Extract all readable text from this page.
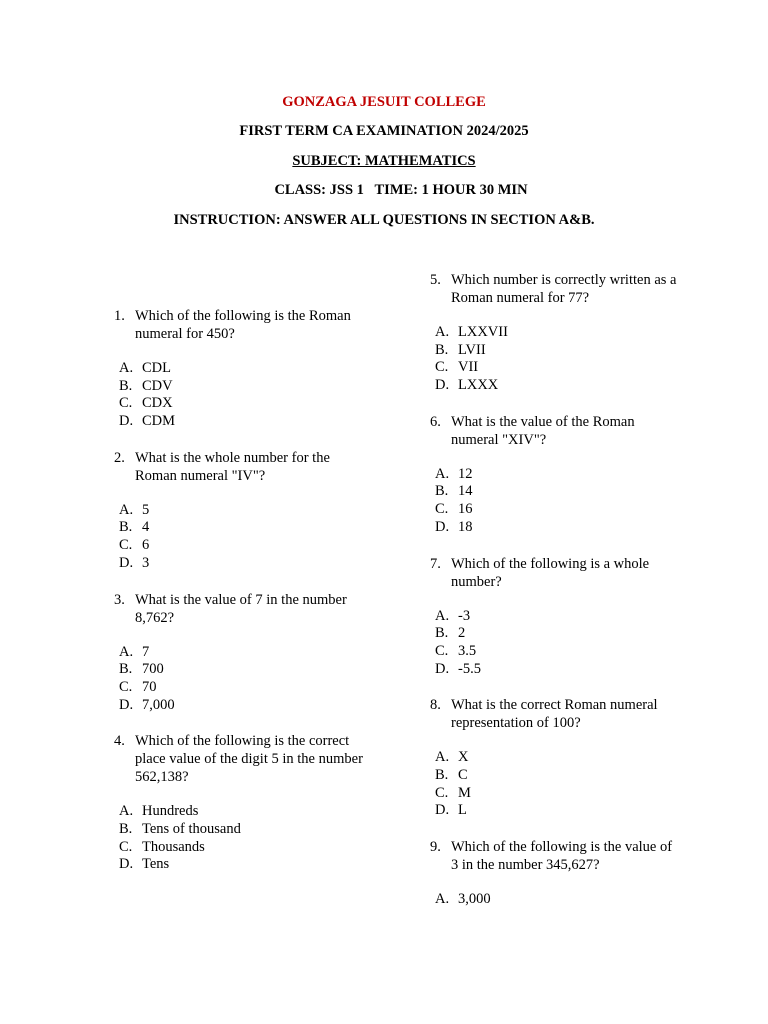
GONZAGA JESUIT COLLEGE
FIRST TERM CA EXAMINATION 2024/2025
SUBJECT: MATHEMATICS
CLASS: JSS 1   TIME: 1 HOUR 30 MIN
INSTRUCTION: ANSWER ALL QUESTIONS IN SECTION A&B.
1. Which of the following is the Roman numeral for 450?
A. CDL
B. CDV
C. CDX
D. CDM
2. What is the whole number for the Roman numeral "IV"?
A. 5
B. 4
C. 6
D. 3
3. What is the value of 7 in the number 8,762?
A. 7
B. 700
C. 70
D. 7,000
4. Which of the following is the correct place value of the digit 5 in the number 562,138?
A. Hundreds
B. Tens of thousand
C. Thousands
D. Tens
5. Which number is correctly written as a Roman numeral for 77?
A. LXXVII
B. LVII
C. VII
D. LXXX
6. What is the value of the Roman numeral "XIV"?
A. 12
B. 14
C. 16
D. 18
7. Which of the following is a whole number?
A. -3
B. 2
C. 3.5
D. -5.5
8. What is the correct Roman numeral representation of 100?
A. X
B. C
C. M
D. L
9. Which of the following is the value of 3 in the number 345,627?
A. 3,000
